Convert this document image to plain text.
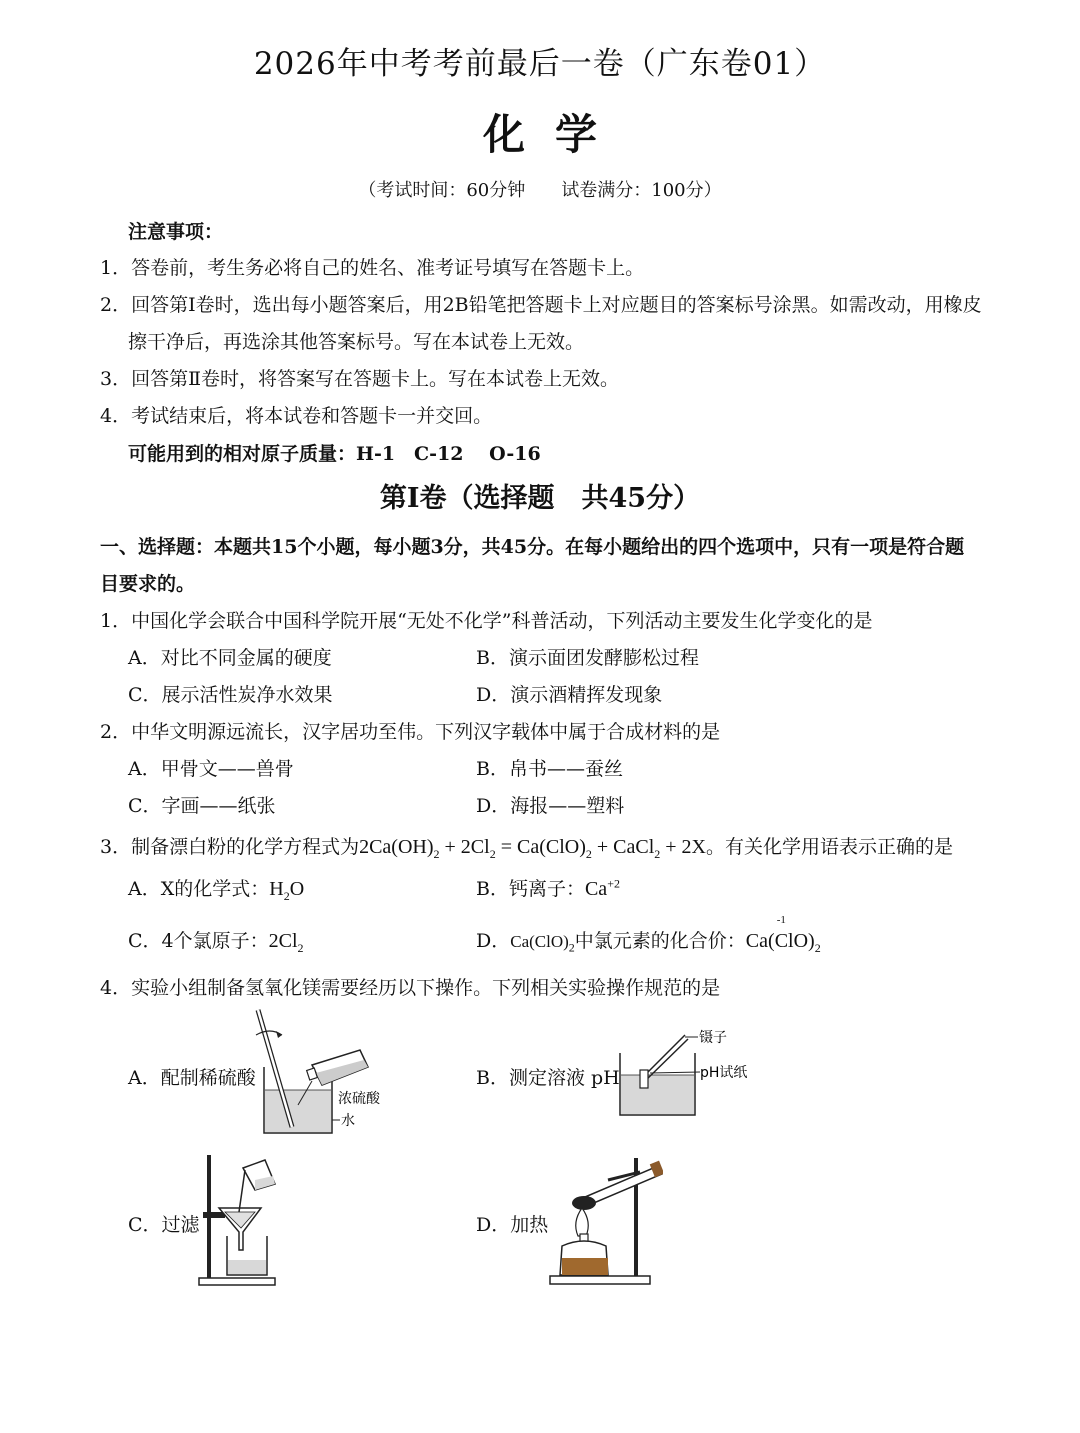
2026年中考考前最后一卷（广东卷01）
化学
（考试时间：60分钟　　试卷满分：100分）
注意事项：
1．答卷前，考生务必将自己的姓名、准考证号填写在答题卡上。
2．回答第Ⅰ卷时，选出每小题答案后，用2B铅笔把答题卡上对应题目的答案标号涂黑。如需改动，用橡皮
擦干净后，再选涂其他答案标号。写在本试卷上无效。
3．回答第Ⅱ卷时，将答案写在答题卡上。写在本试卷上无效。
4．考试结束后，将本试卷和答题卡一并交回。
可能用到的相对原子质量：H-1　C-12　 O-16
第Ⅰ卷（选择题　共45分）
一、选择题：本题共15个小题，每小题3分，共45分。在每小题给出的四个选项中，只有一项是符合题
目要求的。
1．中国化学会联合中国科学院开展“无处不化学”科普活动，下列活动主要发生化学变化的是
A．对比不同金属的硬度	B．演示面团发酵膨松过程
C．展示活性炭净水效果	D．演示酒精挥发现象
2．中华文明源远流长，汉字居功至伟。下列汉字载体中属于合成材料的是
A．甲骨文——兽骨	B．帛书——蚕丝
C．字画——纸张	D．海报——塑料
3．制备漂白粉的化学方程式为$2Ca(OH)_2 + 2Cl_2 = Ca(ClO)_2$ + CaCl$_2$ + 2X。有关化学用语表示正确的是
A．X的化学式：$H_2O$	B．钙离子：$Ca^{+2}$
C．4个氯原子：$2Cl_2$	D．$Ca(ClO)_2$中氯元素的化合价：Ca(C
-1
$lO)_2$
4．实验小组制备氢氧化镁需要经历以下操作。下列相关实验操作规范的是
A．配制稀硫酸	B．测定溶液 pH
C．过滤	D．加热
水
浓硫酸
镊子
pH试纸
